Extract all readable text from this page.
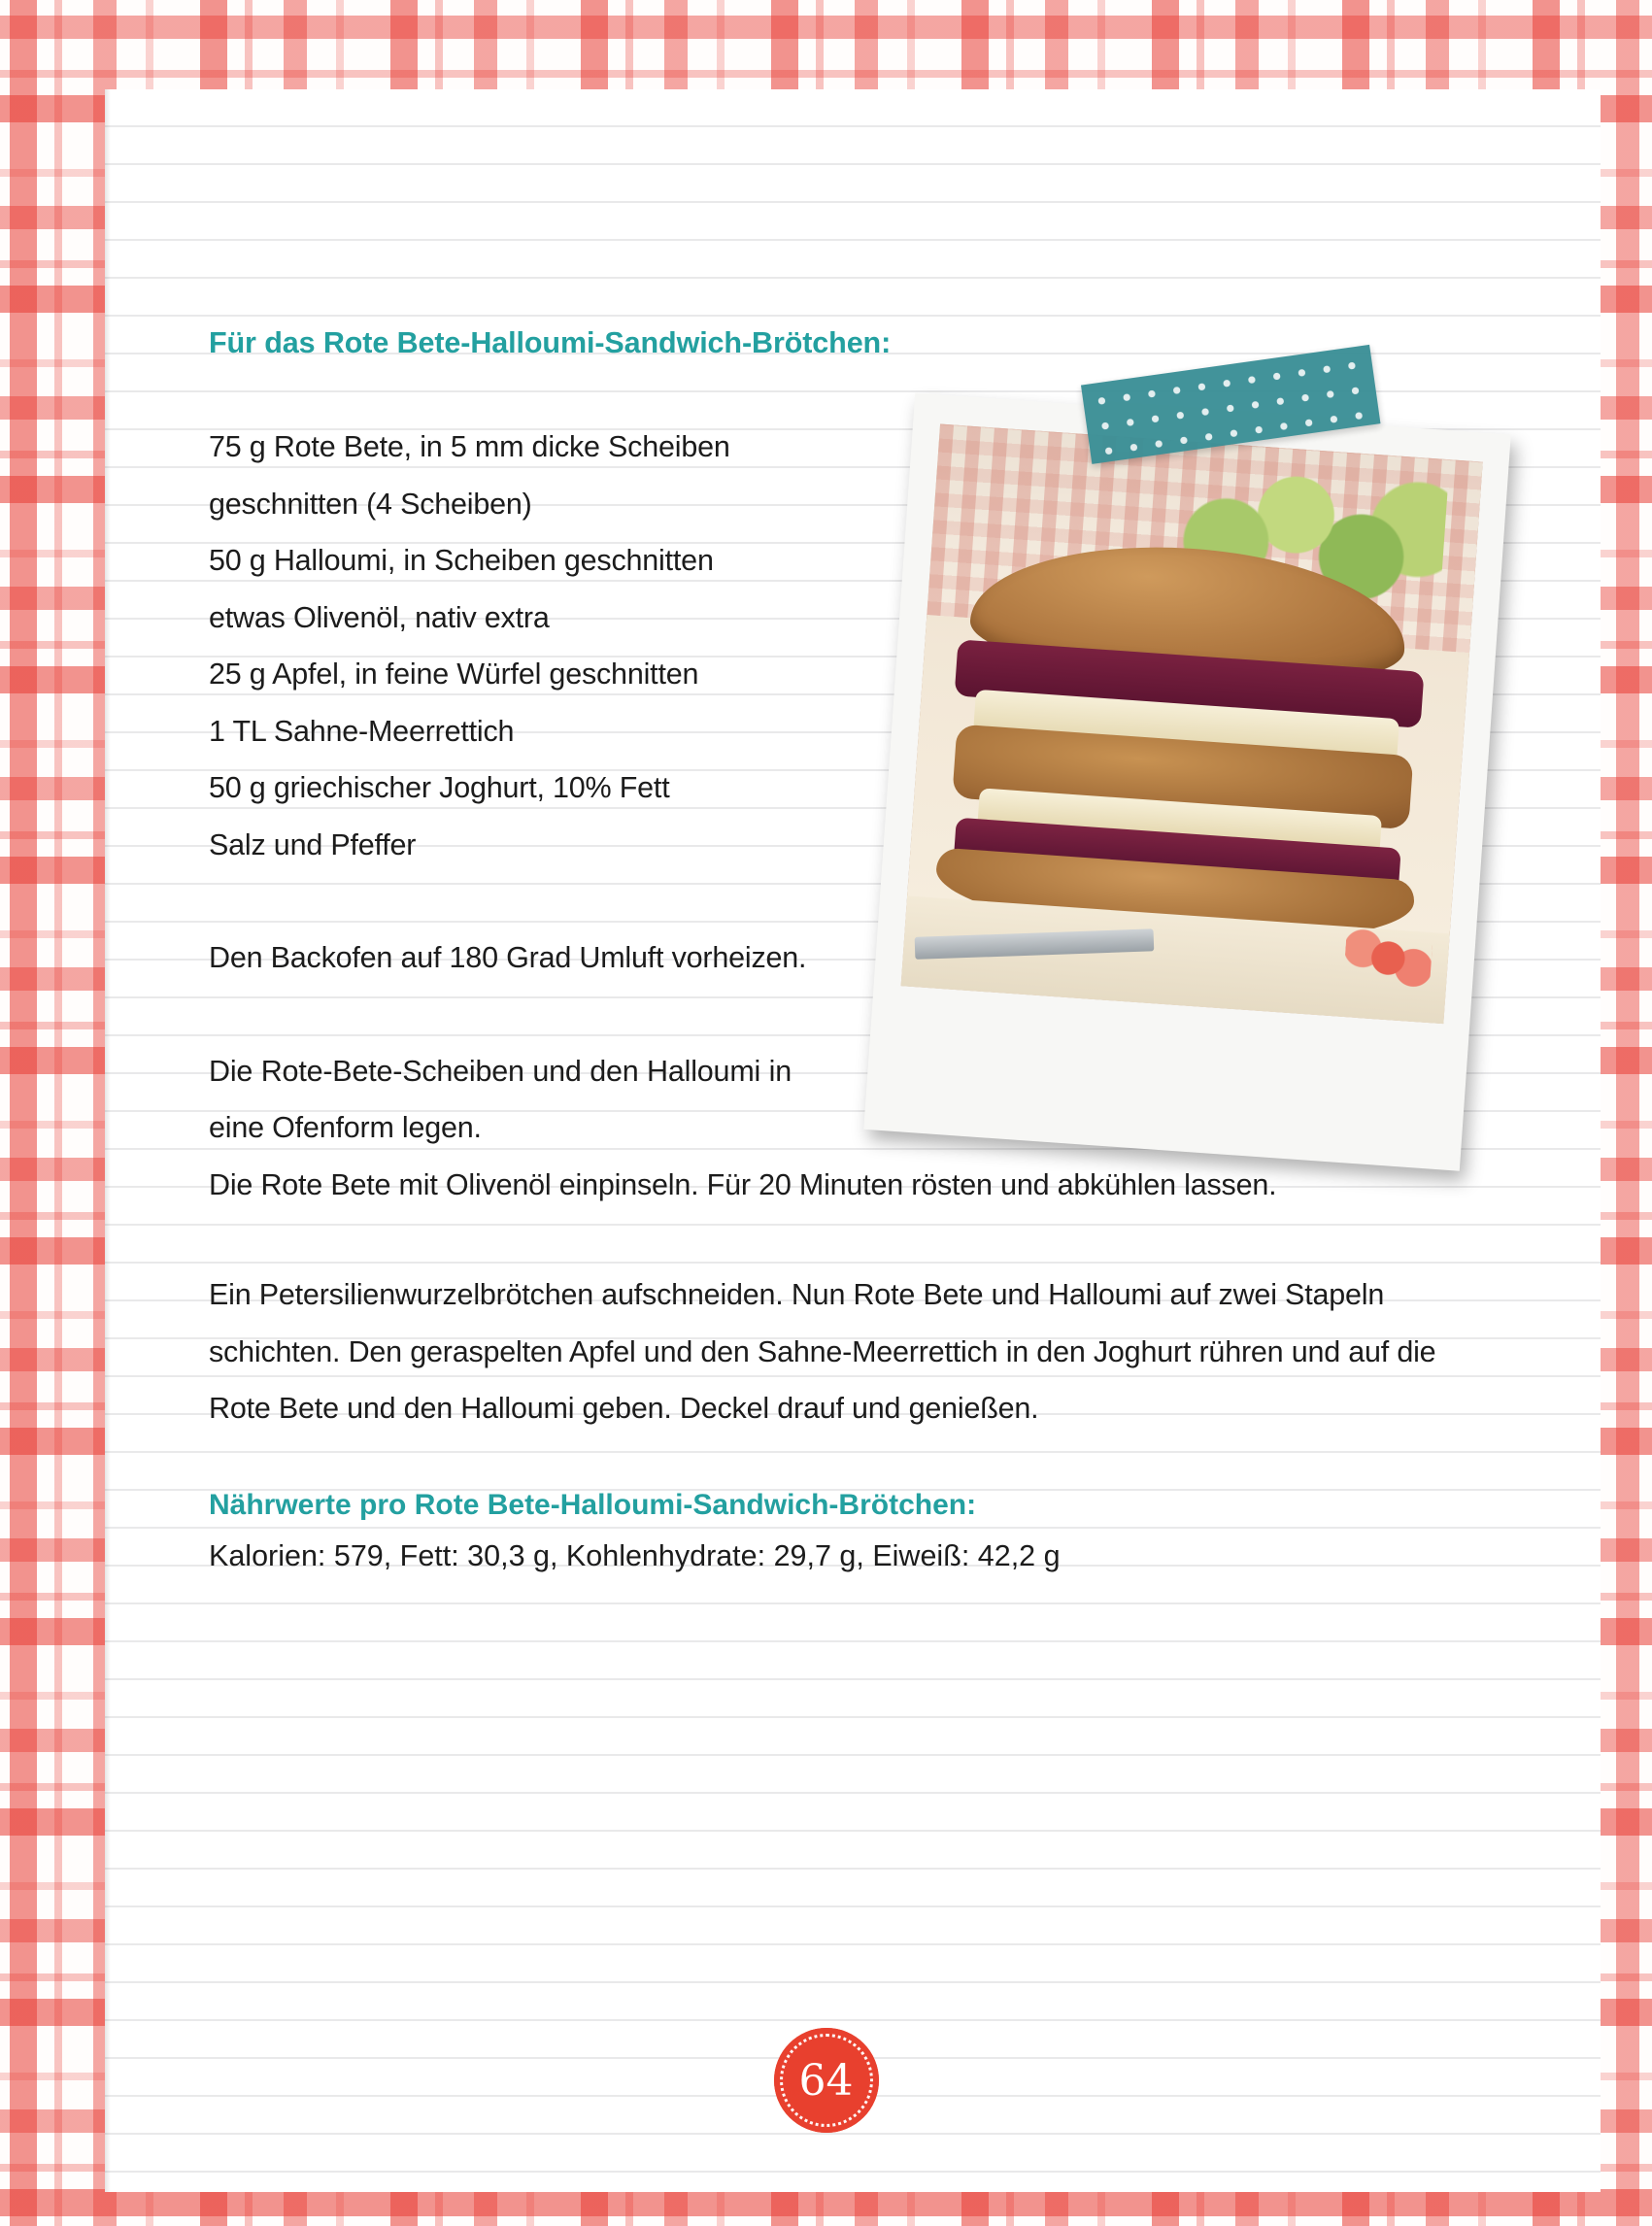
Für das Rote Bete-Halloumi-Sandwich-Brötchen:
75 g Rote Bete, in 5 mm dicke Scheiben
geschnitten (4 Scheiben)
50 g Halloumi, in Scheiben geschnitten
etwas Olivenöl, nativ extra
25 g Apfel, in feine Würfel geschnitten
1 TL Sahne-Meerrettich
50 g griechischer Joghurt, 10% Fett
Salz und Pfeffer
Den Backofen auf 180 Grad Umluft vorheizen.
Die Rote-Bete-Scheiben und den Halloumi in eine Ofenform legen.
Die Rote Bete mit Olivenöl einpinseln. Für 20 Minuten rösten und abkühlen lassen.
Ein Petersilienwurzelbrötchen aufschneiden. Nun Rote Bete und Halloumi auf zwei Stapeln schichten. Den geraspelten Apfel und den Sahne-Meerrettich in den Joghurt rühren und auf die Rote Bete und den Halloumi geben. Deckel drauf und genießen.
Nährwerte pro Rote Bete-Halloumi-Sandwich-Brötchen:
Kalorien: 579, Fett: 30,3 g, Kohlenhydrate: 29,7 g, Eiweiß: 42,2 g
64
